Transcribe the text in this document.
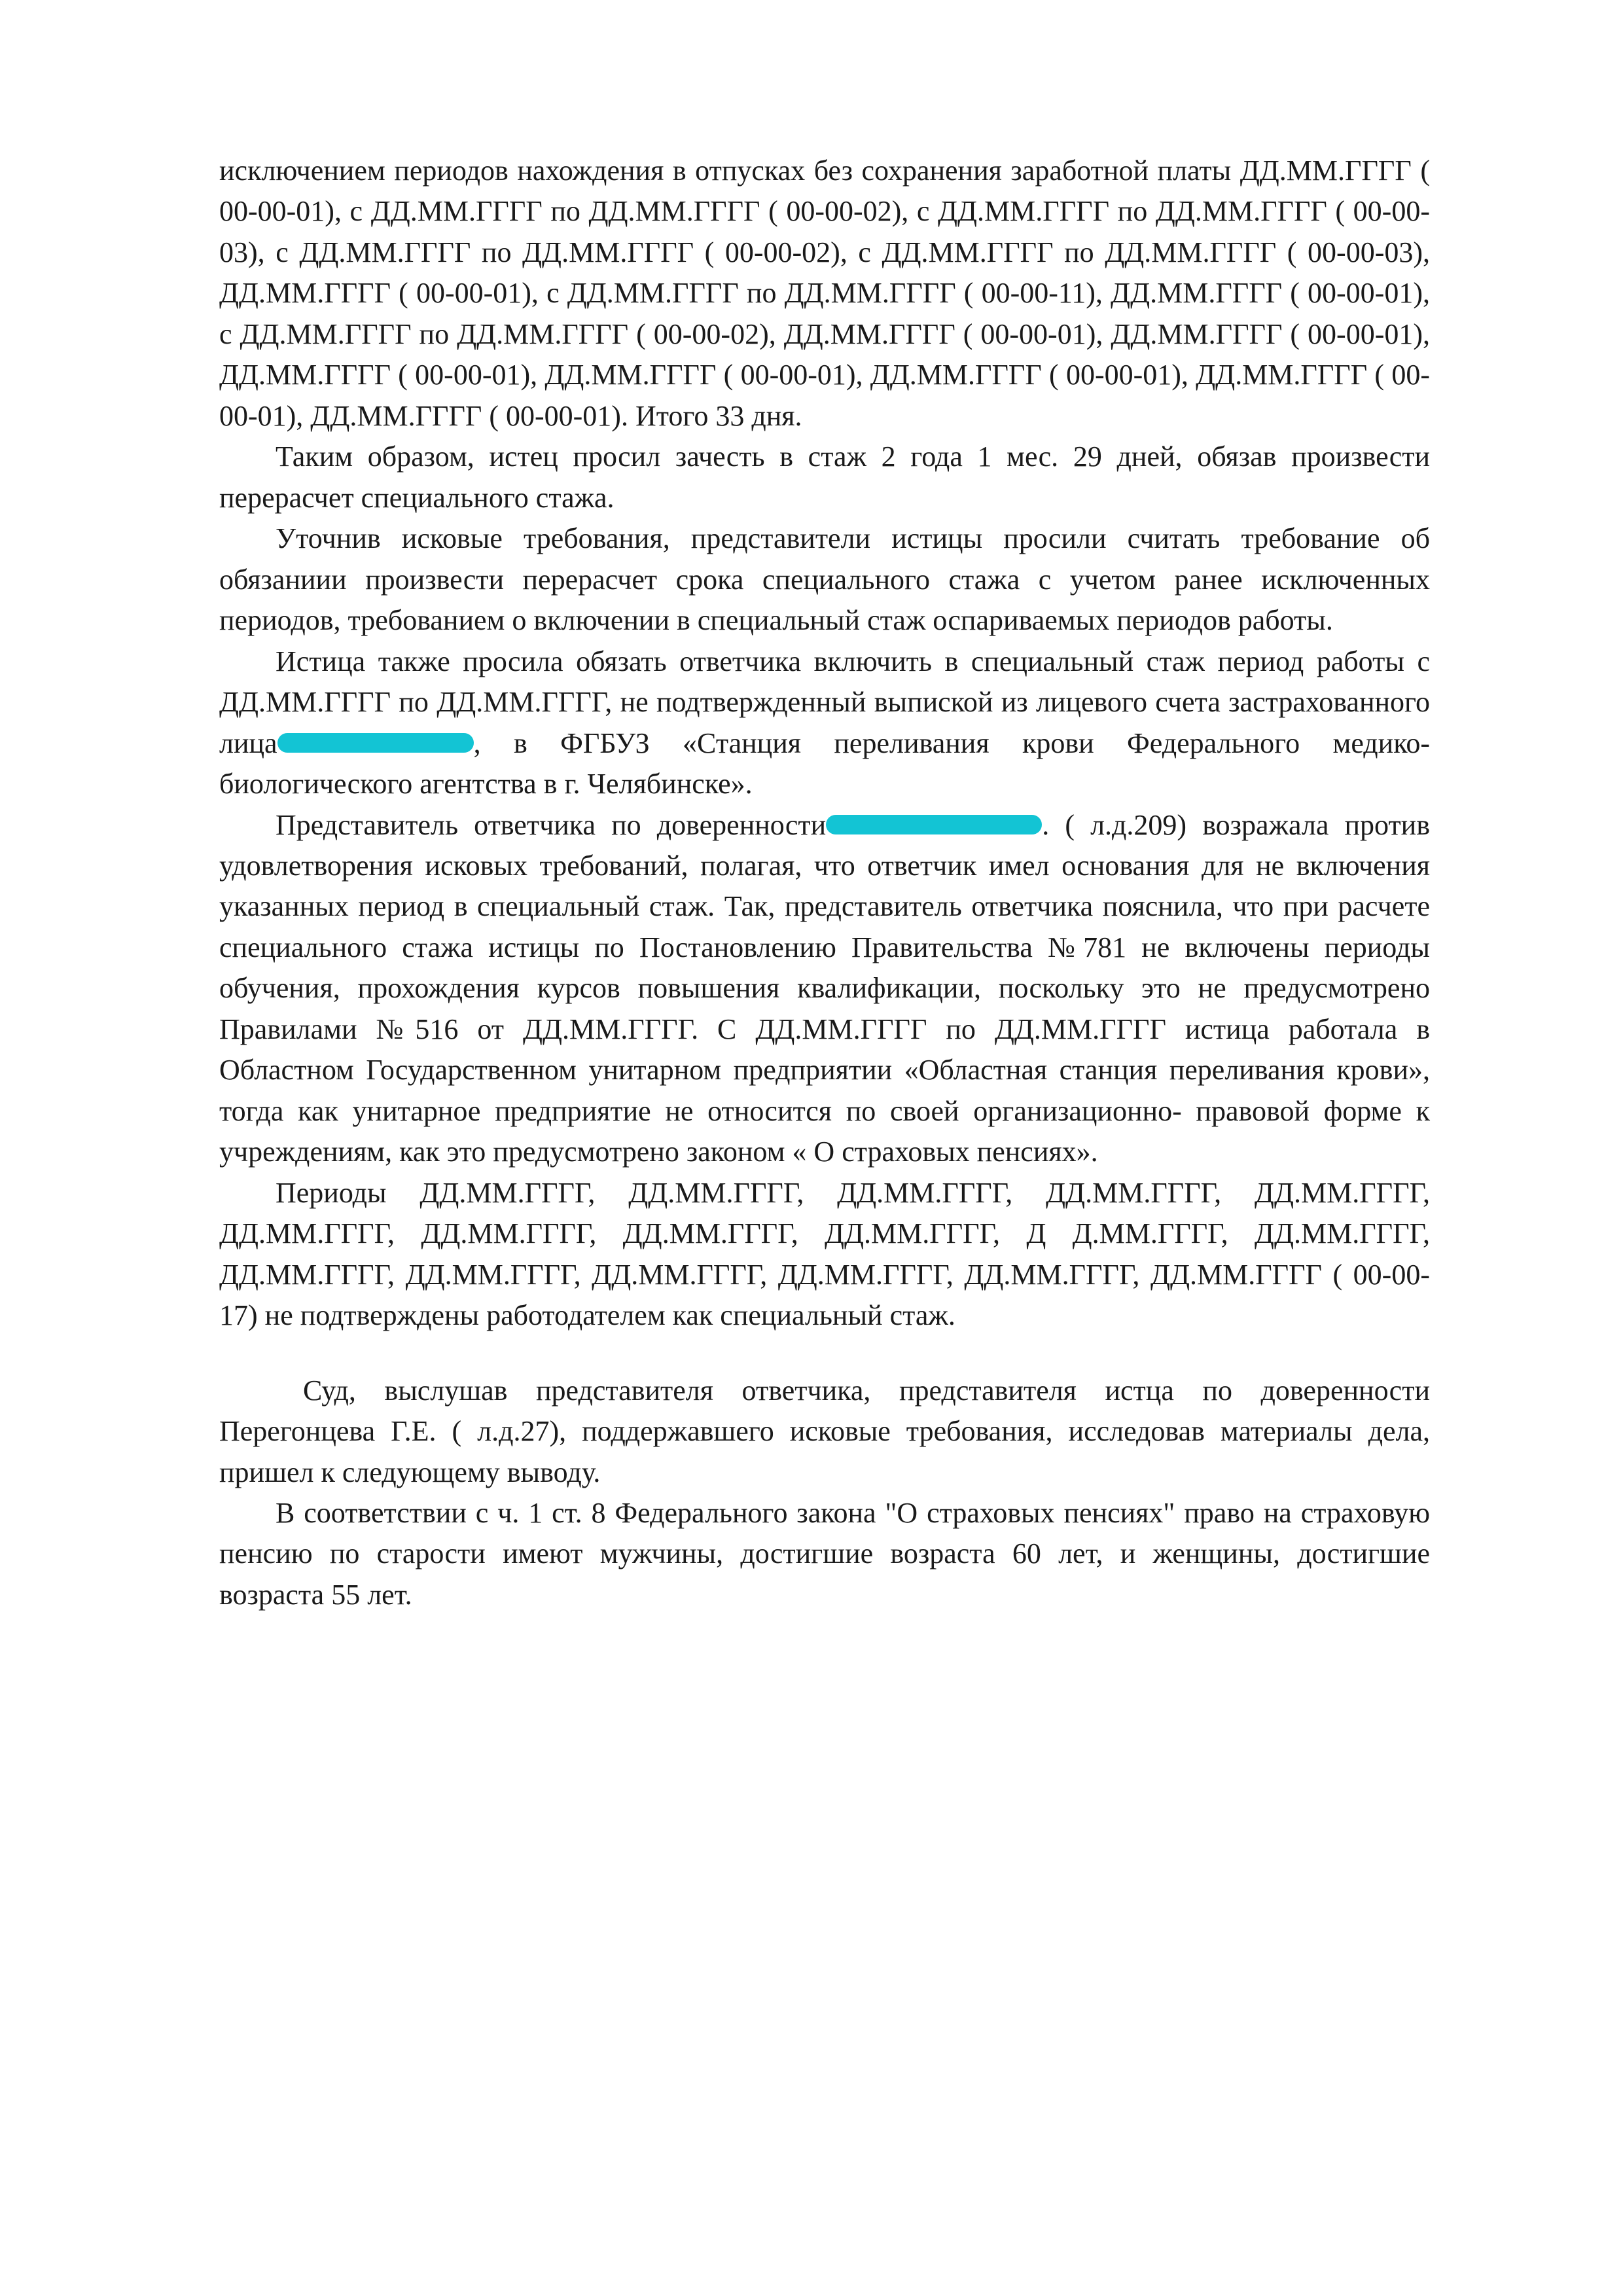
исключением периодов нахождения в отпусках без сохранения заработной платы ДД.ММ.ГГГГ ( 00-00-01), с ДД.ММ.ГГГГ по ДД.ММ.ГГГГ ( 00-00-02), с ДД.ММ.ГГГГ по ДД.ММ.ГГГГ ( 00-00-03), с ДД.ММ.ГГГГ по ДД.ММ.ГГГГ ( 00-00-02), с ДД.ММ.ГГГГ по ДД.ММ.ГГГГ ( 00-00-03), ДД.ММ.ГГГГ ( 00-00-01), с ДД.ММ.ГГГГ по ДД.ММ.ГГГГ ( 00-00-11), ДД.ММ.ГГГГ ( 00-00-01), с ДД.ММ.ГГГГ по ДД.ММ.ГГГГ ( 00-00-02), ДД.ММ.ГГГГ ( 00-00-01), ДД.ММ.ГГГГ ( 00-00-01), ДД.ММ.ГГГГ ( 00-00-01), ДД.ММ.ГГГГ ( 00-00-01), ДД.ММ.ГГГГ ( 00-00-01), ДД.ММ.ГГГГ ( 00-00-01), ДД.ММ.ГГГГ ( 00-00-01). Итого 33 дня.

Таким образом, истец просил зачесть в стаж 2 года 1 мес. 29 дней, обязав произвести перерасчет специального стажа.

Уточнив исковые требования, представители истицы просили считать требование об обязаниии произвести перерасчет срока специального стажа с учетом ранее исключенных периодов, требованием о включении в специальный стаж оспариваемых периодов работы.

Истица также просила обязать ответчика включить в специальный стаж период работы с ДД.ММ.ГГГГ по ДД.ММ.ГГГГ, не подтвержденный выпиской из лицевого счета застрахованного лица	, в ФГБУЗ «Станция переливания крови Федерального медико-биологического агентства в г. Челябинске».

Представитель ответчика по доверенности	. ( л.д.209) возражала против удовлетворения исковых требований, полагая, что ответчик имел основания для не включения указанных период в специальный стаж. Так, представитель ответчика пояснила, что при расчете специального стажа истицы по Постановлению Правительства №781 не включены периоды обучения, прохождения курсов повышения квалификации, поскольку это не предусмотрено Правилами №516 от ДД.ММ.ГГГГ. С ДД.ММ.ГГГГ по ДД.ММ.ГГГГ истица работала в Областном Государственном унитарном предприятии «Областная станция переливания крови», тогда как унитарное предприятие не относится по своей организационно- правовой форме к учреждениям, как это предусмотрено законом « О страховых пенсиях».

Периоды ДД.ММ.ГГГГ, ДД.ММ.ГГГГ, ДД.ММ.ГГГГ, ДД.ММ.ГГГГ, ДД.ММ.ГГГГ, ДД.ММ.ГГГГ, ДД.ММ.ГГГГ, ДД.ММ.ГГГГ, ДД.ММ.ГГГГ, Д Д.ММ.ГГГГ, ДД.ММ.ГГГГ, ДД.ММ.ГГГГ, ДД.ММ.ГГГГ, ДД.ММ.ГГГГ, ДД.ММ.ГГГГ, ДД.ММ.ГГГГ, ДД.ММ.ГГГГ ( 00-00-17) не подтверждены работодателем как специальный стаж.

Суд, выслушав представителя ответчика, представителя истца по доверенности Перегонцева Г.Е. ( л.д.27), поддержавшего исковые требования, исследовав материалы дела, пришел к следующему выводу.

В соответствии с ч. 1 ст. 8 Федерального закона "О страховых пенсиях" право на страховую пенсию по старости имеют мужчины, достигшие возраста 60 лет, и женщины, достигшие возраста 55 лет.
